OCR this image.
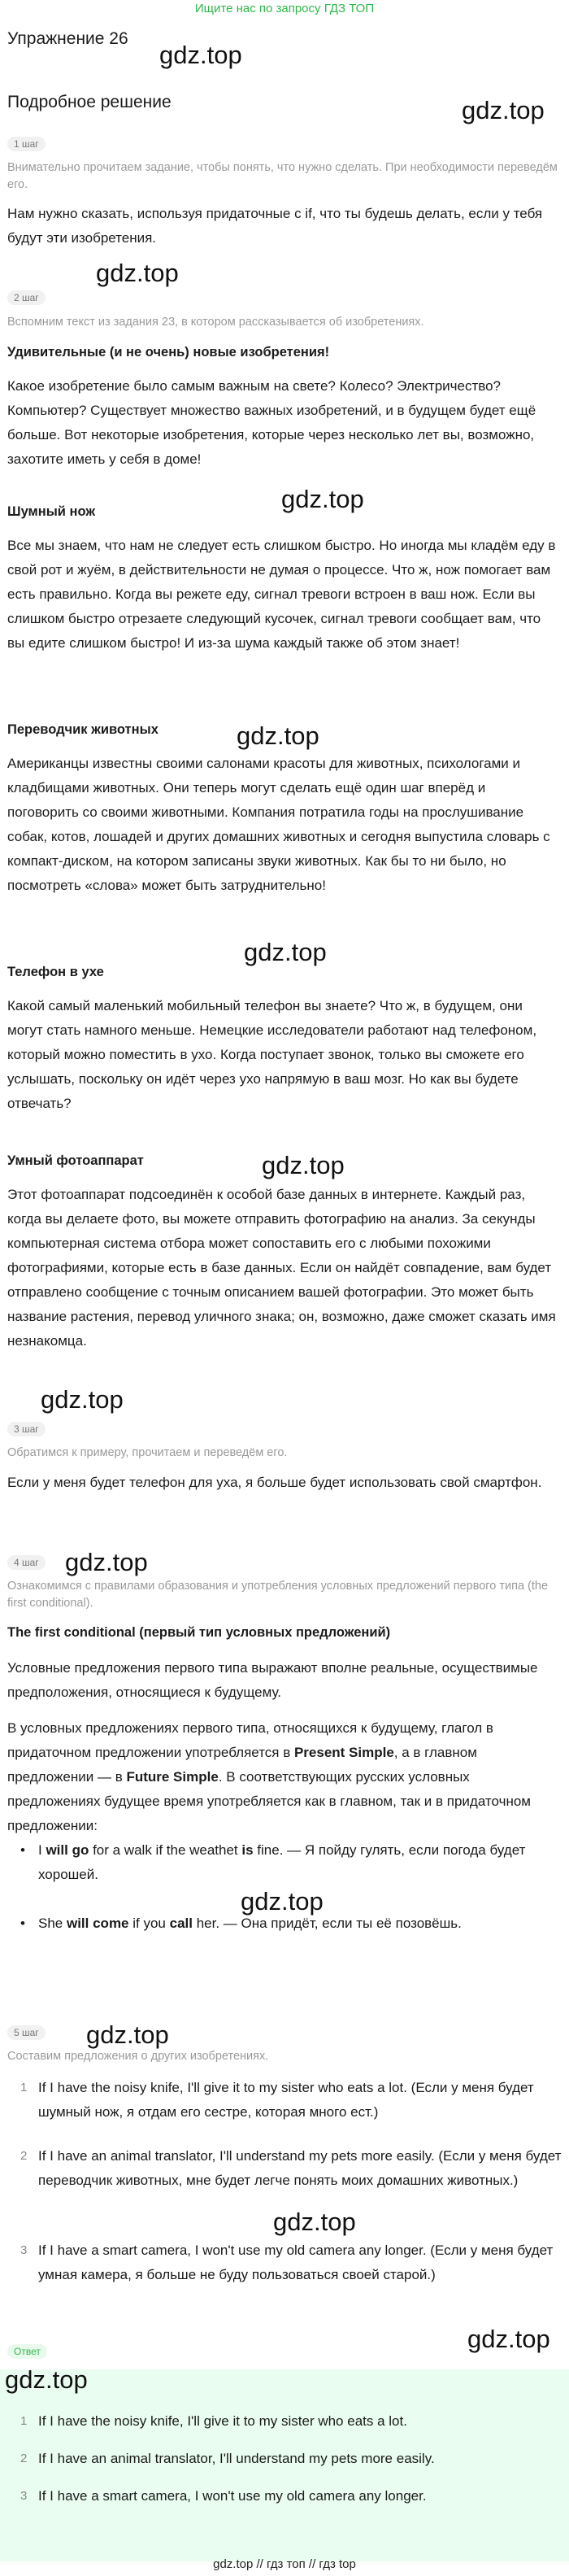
Ищите нас по запросу ГДЗ ТОП
Упражнение 26
Подробное решение
gdz.top
gdz.top
gdz.top
gdz.top
gdz.top
gdz.top
gdz.top
gdz.top
gdz.top
gdz.top
gdz.top
gdz.top
gdz.top
gdz.top
1 шаг

Внимательно прочитаем задание, чтобы понять, что нужно сделать. При необходимости переведём его.

Нам нужно сказать, используя придаточные с if, что ты будешь делать, если у тебя будут эти изобретения.

2 шаг

Вспомним текст из задания 23, в котором рассказывается об изобретениях.

Удивительные (и не очень) новые изобретения!

Какое изобретение было самым важным на свете? Колесо? Электричество? Компьютер? Существует множество важных изобретений, и в будущем будет ещё больше. Вот некоторые изобретения, которые через несколько лет вы, возможно, захотите иметь у себя в доме!

Шумный нож

Все мы знаем, что нам не следует есть слишком быстро. Но иногда мы кладём еду в свой рот и жуём, в действительности не думая о процессе. Что ж, нож помогает вам есть правильно. Когда вы режете еду, сигнал тревоги встроен в ваш нож. Если вы слишком быстро отрезаете следующий кусочек, сигнал тревоги сообщает вам, что вы едите слишком быстро! И из-за шума каждый также об этом знает!

Переводчик животных

Американцы известны своими салонами красоты для животных, психологами и кладбищами животных. Они теперь могут сделать ещё один шаг вперёд и поговорить со своими животными. Компания потратила годы на прослушивание собак, котов, лошадей и других домашних животных и сегодня выпустила словарь с компакт-диском, на котором записаны звуки животных. Как бы то ни было, но посмотреть «слова» может быть затруднительно!

Телефон в ухе

Какой самый маленький мобильный телефон вы знаете? Что ж, в будущем, они могут стать намного меньше. Немецкие исследователи работают над телефоном, который можно поместить в ухо. Когда поступает звонок, только вы сможете его услышать, поскольку он идёт через ухо напрямую в ваш мозг. Но как вы будете отвечать?

Умный фотоаппарат

Этот фотоаппарат подсоединён к особой базе данных в интернете. Каждый раз, когда вы делаете фото, вы можете отправить фотографию на анализ. За секунды компьютерная система отбора может сопоставить его с любыми похожими фотографиями, которые есть в базе данных. Если он найдёт совпадение, вам будет отправлено сообщение с точным описанием вашей фотографии. Это может быть название растения, перевод уличного знака; он, возможно, даже сможет сказать имя незнакомца.

3 шаг

Обратимся к примеру, прочитаем и переведём его.

Если у меня будет телефон для уха, я больше будет использовать свой смартфон.

4 шаг

Ознакомимся с правилами образования и употребления условных предложений первого типа (the first conditional).

The first conditional (первый тип условных предложений)

Условные предложения первого типа выражают вполне реальные, осуществимые предположения, относящиеся к будущему.

В условных предложениях первого типа, относящихся к будущему, глагол в придаточном предложении употребляется в Present Simple, а в главном предложении — в Future Simple. В соответствующих русских условных предложениях будущее время употребляется как в главном, так и в придаточном предложении:

• I will go for a walk if the weathet is fine. — Я пойду гулять, если погода будет хорошей.

• She will come if you call her. — Она придёт, если ты её позовёшь.

5 шаг

Составим предложения о других изобретениях.

1 If I have the noisy knife, I'll give it to my sister who eats a lot. (Если у меня будет шумный нож, я отдам его сестре, которая много ест.)

2 If I have an animal translator, I'll understand my pets more easily. (Если у меня будет переводчик животных, мне будет легче понять моих домашних животных.)

3 If I have a smart camera, I won't use my old camera any longer. (Если у меня будет умная камера, я больше не буду пользоваться своей старой.)

Ответ

1 If I have the noisy knife, I'll give it to my sister who eats a lot.

2 If I have an animal translator, I'll understand my pets more easily.

3 If I have a smart camera, I won't use my old camera any longer.

gdz.top // гдз топ // гдз top
